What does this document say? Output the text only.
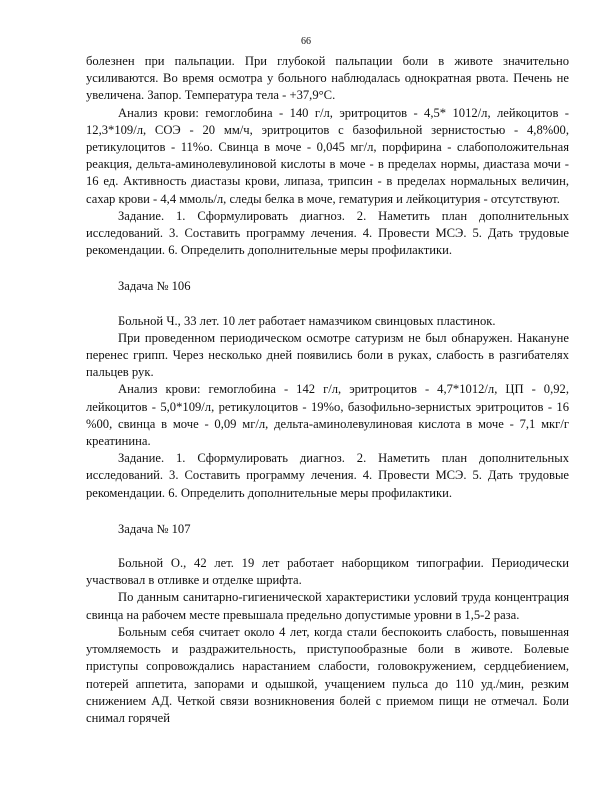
66

болезнен при пальпации. При глубокой пальпации боли в животе значительно усиливаются. Во время осмотра у больного наблюдалась однократная рвота. Печень не увеличена. Запор. Температура тела - +37,9°С.

Анализ крови: гемоглобина - 140 г/л, эритроцитов - 4,5* 1012/л, лейкоцитов - 12,3*109/л, СОЭ - 20 мм/ч, эритроцитов с базофильной зернистостью - 4,8%00, ретикулоцитов - 11%о. Свинца в моче - 0,045 мг/л, порфирина - слабоположительная реакция, дельта-аминолевулиновой кислоты в моче - в пределах нормы, диастаза мочи - 16 ед. Активность диастазы крови, липаза, трипсин - в пределах нормальных величин, сахар крови - 4,4 ммоль/л, следы белка в моче, гематурия и лейкоцитурия - отсутствуют.

Задание. 1. Сформулировать диагноз. 2. Наметить план дополнительных исследований. 3. Составить программу лечения. 4. Провести МСЭ. 5. Дать трудовые рекомендации. 6. Определить дополнительные меры профилактики.

Задача № 106

Больной Ч., 33 лет. 10 лет работает намазчиком свинцовых пластинок.

При проведенном периодическом осмотре сатуризм не был обнаружен. Накануне перенес грипп. Через несколько дней появились боли в руках, слабость в разгибателях пальцев рук.

Анализ крови: гемоглобина - 142 г/л, эритроцитов - 4,7*1012/л, ЦП - 0,92, лейкоцитов - 5,0*109/л, ретикулоцитов - 19%о, базофильно-зернистых эритроцитов - 16 %00, свинца в моче - 0,09 мг/л, дельта-аминолевулиновая кислота в моче - 7,1 мкг/г креатинина.

Задание. 1. Сформулировать диагноз. 2. Наметить план дополнительных исследований. 3. Составить программу лечения. 4. Провести МСЭ. 5. Дать трудовые рекомендации. 6. Определить дополнительные меры профилактики.

Задача № 107

Больной О., 42 лет. 19 лет работает наборщиком типографии. Периодически участвовал в отливке и отделке шрифта.

По данным санитарно-гигиенической характеристики условий труда концентрация свинца на рабочем месте превышала предельно допустимые уровни в 1,5-2 раза.

Больным себя считает около 4 лет, когда стали беспокоить слабость, повышенная утомляемость и раздражительность, приступообразные боли в животе. Болевые приступы сопровождались нарастанием слабости, головокружением, сердцебиением, потерей аппетита, запорами и одышкой, учащением пульса до 110 уд./мин, резким снижением АД. Четкой связи возникновения болей с приемом пищи не отмечал. Боли снимал горячей
